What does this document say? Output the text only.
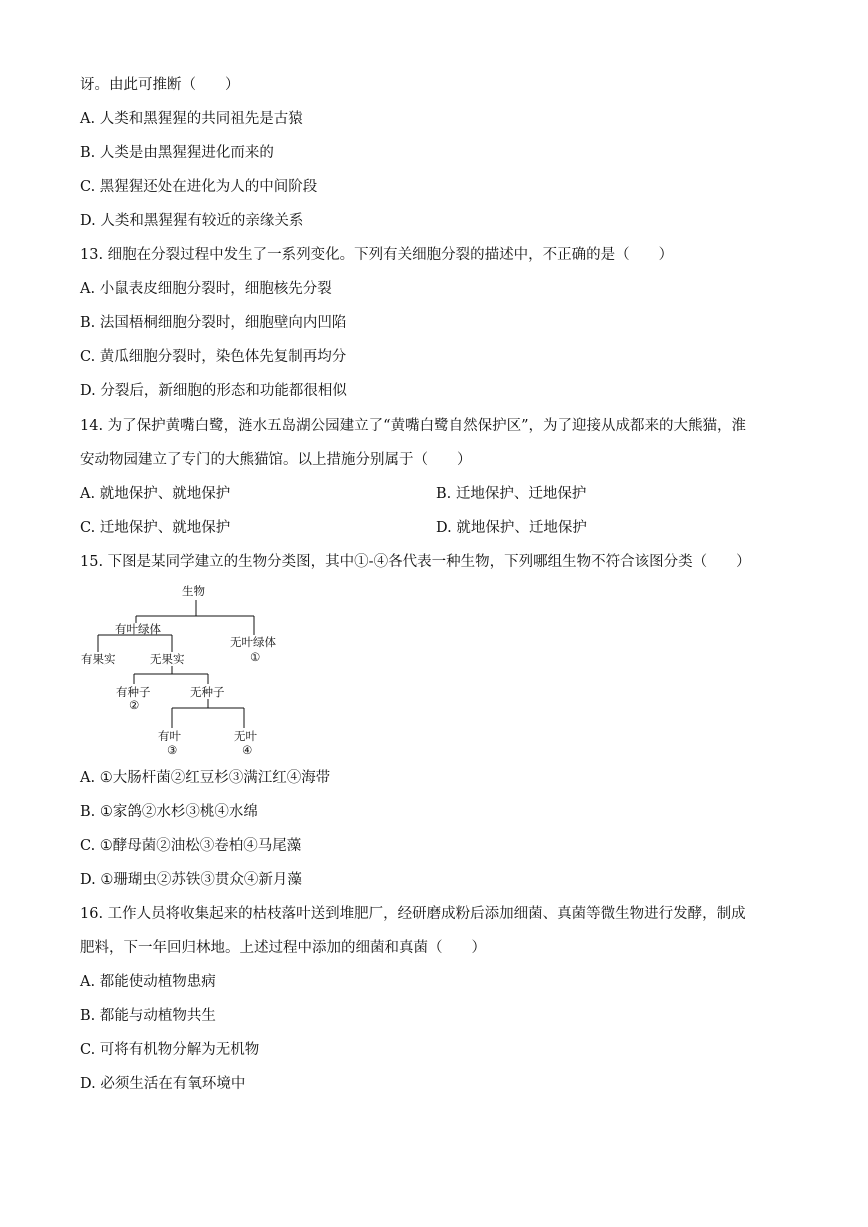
讶。由此可推断（　　）
A. 人类和黑猩猩的共同祖先是古猿
B. 人类是由黑猩猩进化而来的
C. 黑猩猩还处在进化为人的中间阶段
D. 人类和黑猩猩有较近的亲缘关系
13. 细胞在分裂过程中发生了一系列变化。下列有关细胞分裂的描述中，不正确的是（　　）
A. 小鼠表皮细胞分裂时，细胞核先分裂
B. 法国梧桐细胞分裂时，细胞壁向内凹陷
C. 黄瓜细胞分裂时，染色体先复制再均分
D. 分裂后，新细胞的形态和功能都很相似
14. 为了保护黄嘴白鹭，涟水五岛湖公园建立了“黄嘴白鹭自然保护区”，为了迎接从成都来的大熊猫，淮
安动物园建立了专门的大熊猫馆。以上措施分别属于（　　）
A. 就地保护、就地保护	B. 迁地保护、迁地保护
C. 迁地保护、就地保护	D. 就地保护、迁地保护
15. 下图是某同学建立的生物分类图，其中①-④各代表一种生物，下列哪组生物不符合该图分类（　　）
生物
有叶绿体
无叶绿体
①
有果实	无果实
有种子
②
无种子
有叶
③
无叶
④
A. ①大肠杆菌②红豆杉③满江红④海带
B. ①家鸽②水杉③桃④水绵
C. ①酵母菌②油松③卷柏④马尾藻
D. ①珊瑚虫②苏铁③贯众④新月藻
16. 工作人员将收集起来的枯枝落叶送到堆肥厂，经研磨成粉后添加细菌、真菌等微生物进行发酵，制成
肥料，下一年回归林地。上述过程中添加的细菌和真菌（　　）
A. 都能使动植物患病
B. 都能与动植物共生
C. 可将有机物分解为无机物
D. 必须生活在有氧环境中
